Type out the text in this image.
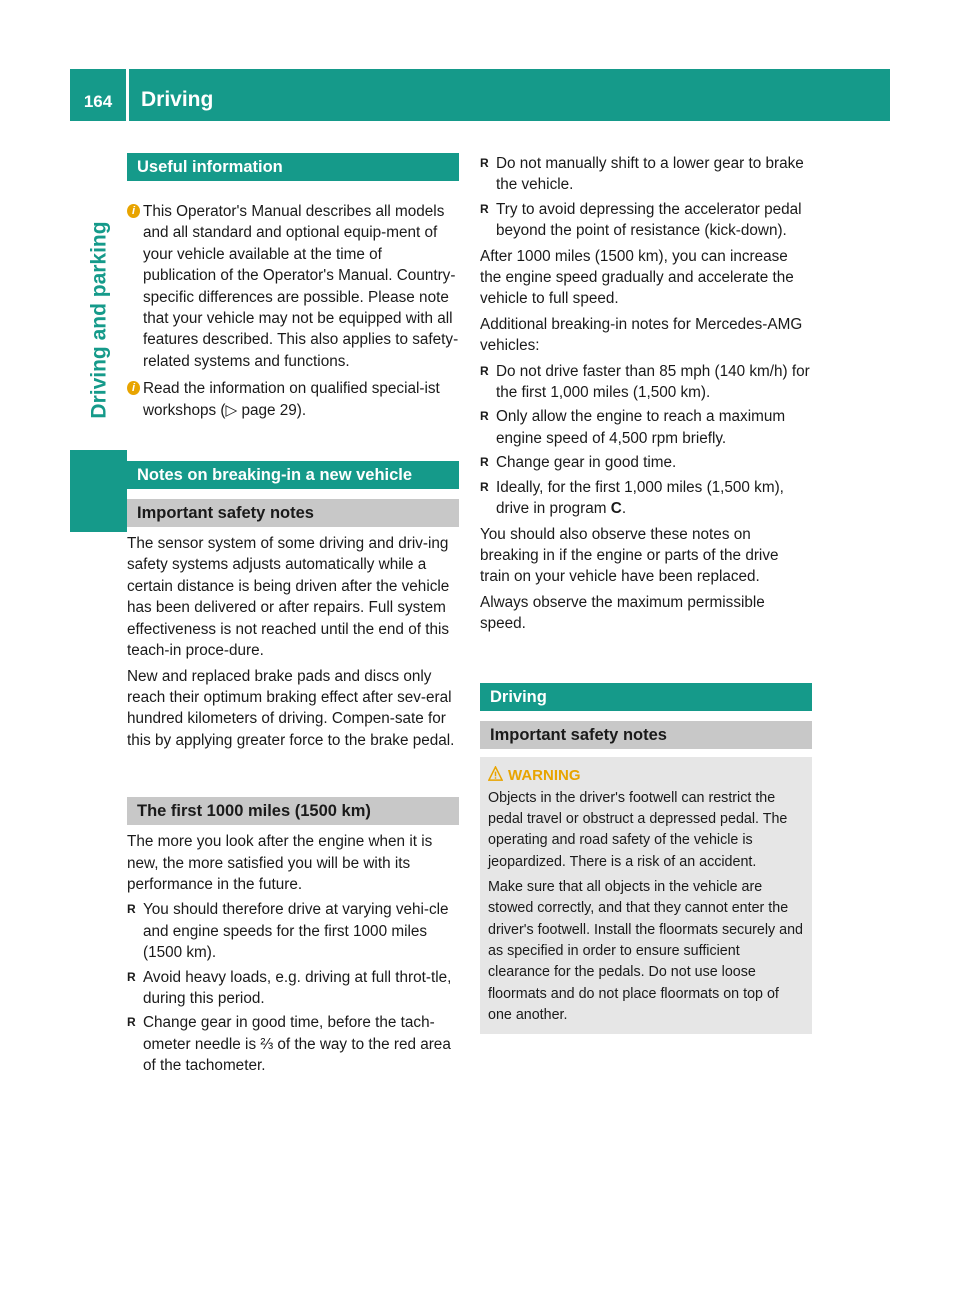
164	Driving
Driving and parking
Useful information
i This Operator's Manual describes all models and all standard and optional equip-ment of your vehicle available at the time of publication of the Operator's Manual. Country-specific differences are possible. Please note that your vehicle may not be equipped with all features described. This also applies to safety-related systems and functions.
i Read the information on qualified special-ist workshops (▷ page 29).
Notes on breaking-in a new vehicle
Important safety notes

The sensor system of some driving and driv-ing safety systems adjusts automatically while a certain distance is being driven after the vehicle has been delivered or after repairs. Full system effectiveness is not reached until the end of this teach-in proce-dure.

New and replaced brake pads and discs only reach their optimum braking effect after sev-eral hundred kilometers of driving. Compen-sate for this by applying greater force to the brake pedal.

The first 1000 miles (1500 km)

The more you look after the engine when it is new, the more satisfied you will be with its performance in the future.

R You should therefore drive at varying vehi-cle and engine speeds for the first 1000 miles (1500 km).
R Avoid heavy loads, e.g. driving at full throt-tle, during this period.
R Change gear in good time, before the tach-ometer needle is ⅔ of the way to the red area of the tachometer.
R Do not manually shift to a lower gear to brake the vehicle.
R Try to avoid depressing the accelerator pedal beyond the point of resistance (kick-down).

After 1000 miles (1500 km), you can increase the engine speed gradually and accelerate the vehicle to full speed.

Additional breaking-in notes for Mercedes-AMG vehicles:

R Do not drive faster than 85 mph (140 km/h) for the first 1,000 miles (1,500 km).
R Only allow the engine to reach a maximum engine speed of 4,500 rpm briefly.
R Change gear in good time.
R Ideally, for the first 1,000 miles (1,500 km), drive in program C.

You should also observe these notes on breaking in if the engine or parts of the drive train on your vehicle have been replaced.

Always observe the maximum permissible speed.

Driving
Important safety notes
WARNING

Objects in the driver's footwell can restrict the pedal travel or obstruct a depressed pedal. The operating and road safety of the vehicle is jeopardized. There is a risk of an accident.

Make sure that all objects in the vehicle are stowed correctly, and that they cannot enter the driver's footwell. Install the floormats securely and as specified in order to ensure sufficient clearance for the pedals. Do not use loose floormats and do not place floormats on top of one another.
